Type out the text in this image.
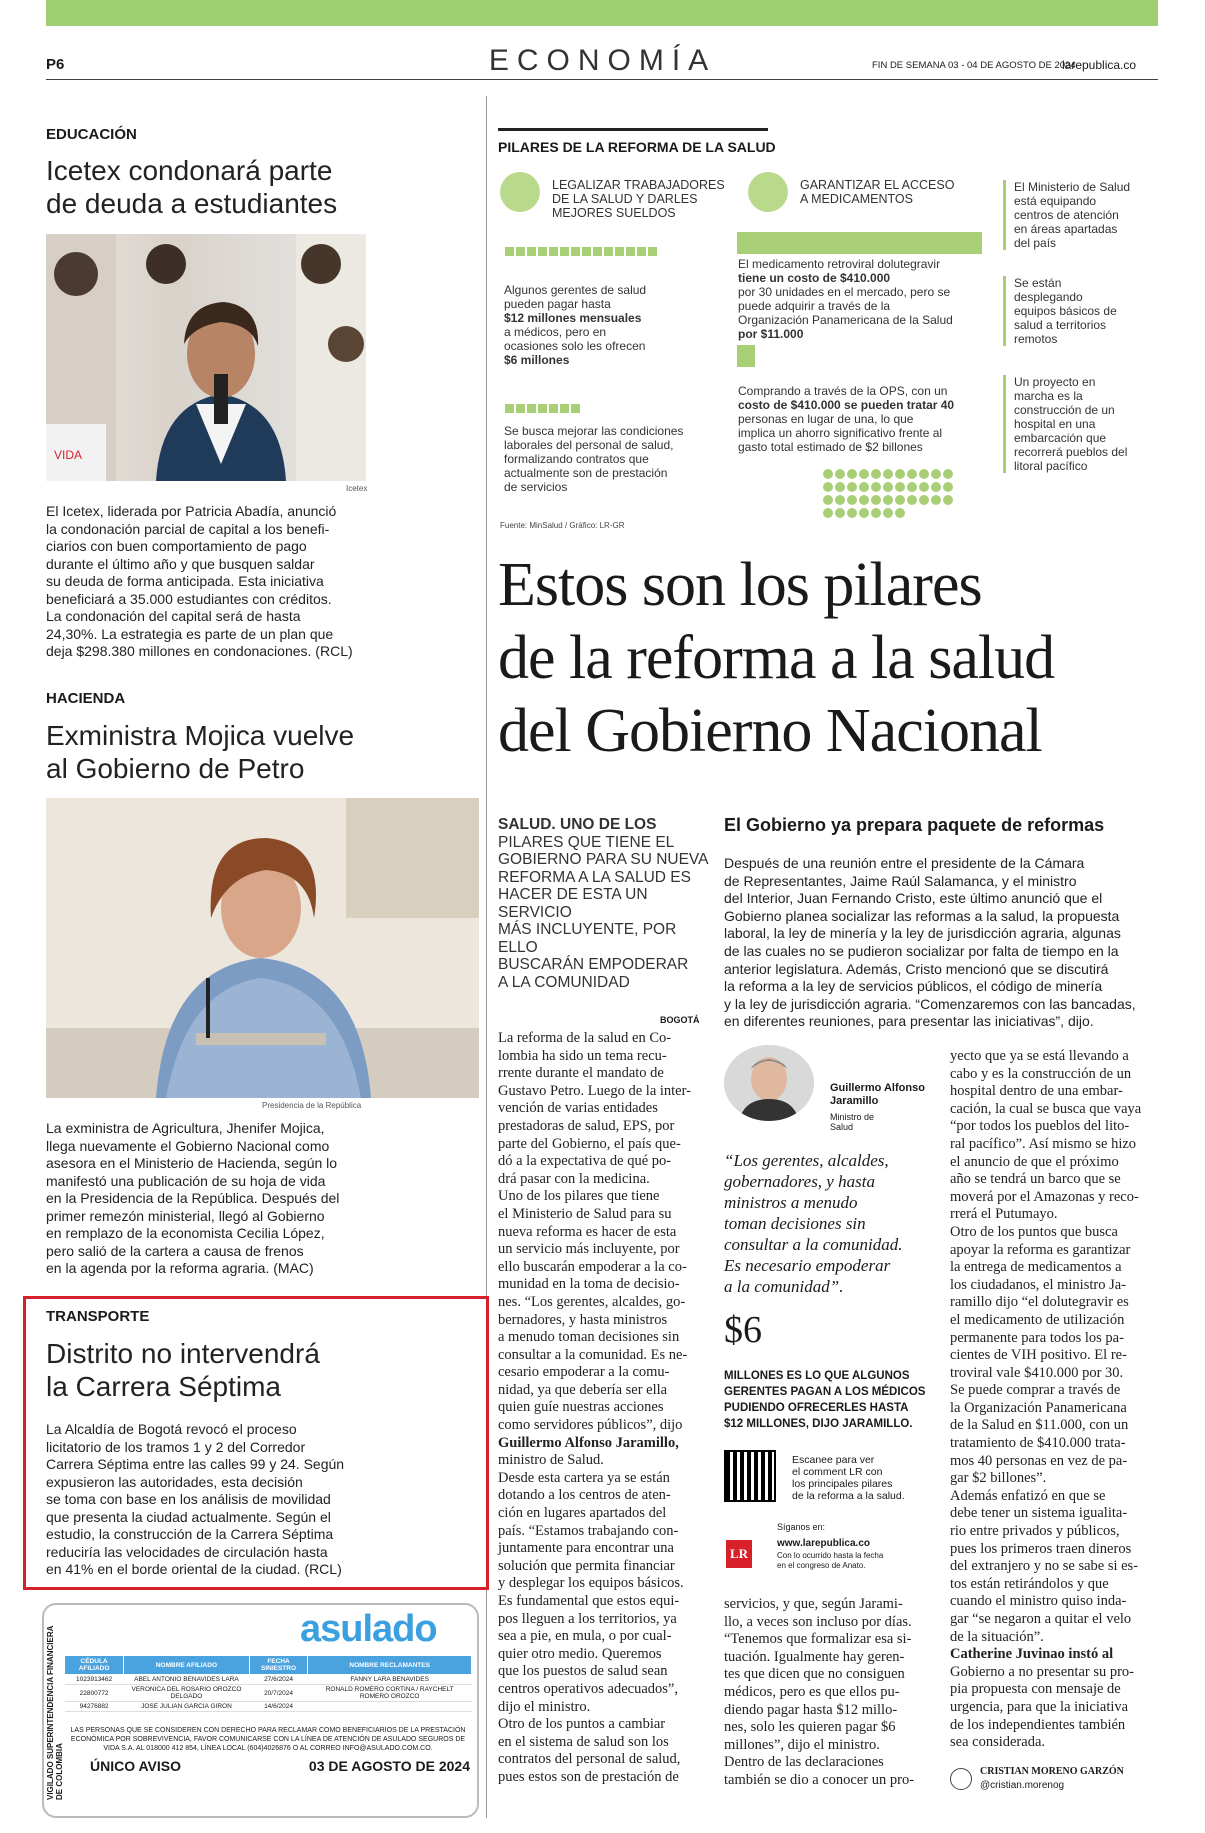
P6	ECONOMÍA	FIN DE SEMANA 03 - 04 DE AGOSTO DE 2024
larepublica.co
EDUCACIÓN
Icetex condonará parte
de deuda a estudiantes
VIDA
Icetex
El Icetex, liderada por Patricia Abadía, anunció
la condonación parcial de capital a los benefi-
ciarios con buen comportamiento de pago
durante el último año y que busquen saldar
su deuda de forma anticipada. Esta iniciativa
beneficiará a 35.000 estudiantes con créditos.
La condonación del capital será de hasta
24,30%. La estrategia es parte de un plan que
deja $298.380 millones en condonaciones. (RCL)
HACIENDA
Exministra Mojica vuelve
al Gobierno de Petro
Presidencia de la República
La exministra de Agricultura, Jhenifer Mojica,
llega nuevamente el Gobierno Nacional como
asesora en el Ministerio de Hacienda, según lo
manifestó una publicación de su hoja de vida
en la Presidencia de la República. Después del
primer remezón ministerial, llegó al Gobierno
en remplazo de la economista Cecilia López,
pero salió de la cartera a causa de frenos
en la agenda por la reforma agraria. (MAC)
TRANSPORTE
Distrito no intervendrá
la Carrera Séptima
La Alcaldía de Bogotá revocó el proceso
licitatorio de los tramos 1 y 2 del Corredor
Carrera Séptima entre las calles 99 y 24. Según
expusieron las autoridades, esta decisión
se toma con base en los análisis de movilidad
que presenta la ciudad actualmente. Según el
estudio, la construcción de la Carrera Séptima
reduciría las velocidades de circulación hasta
en 41% en el borde oriental de la ciudad. (RCL)
VIGILADO SUPERINTENDENCIA FINANCIERA DE COLOMBIA
asulado
CÉDULA AFILIADO	NOMBRE AFILIADO	FECHA SINIESTRO	NOMBRE RECLAMANTES
1023913462	ABEL ANTONIO BENAVIDES LARA	27/6/2024	FANNY LARA BENAVIDES
22800772	VERONICA DEL ROSARIO OROZCO DELGADO	20/7/2024	RONALD ROMERO CORTINA / RAYCHELT ROMERO OROZCO
94276882	JOSE JULIAN GARCIA GIRON	14/6/2024	
LAS PERSONAS QUE SE CONSIDEREN CON DERECHO PARA RECLAMAR COMO BENEFICIARIOS DE LA PRESTACIÓN ECONÓMICA POR SOBREVIVENCIA, FAVOR COMUNICARSE CON LA LÍNEA DE ATENCIÓN DE ASULADO SEGUROS DE VIDA S.A. AL 018000 412 854, LÍNEA LOCAL (604)4026876 O AL CORREO INFO@ASULADO.COM.CO.
ÚNICO AVISO	03 DE AGOSTO DE 2024
PILARES DE LA REFORMA DE LA SALUD
LEGALIZAR TRABAJADORES
DE LA SALUD Y DARLES
MEJORES SUELDOS
Algunos gerentes de salud
pueden pagar hasta
$12 millones mensuales
a médicos, pero en
ocasiones solo les ofrecen
$6 millones
Se busca mejorar las condiciones
laborales del personal de salud,
formalizando contratos que
actualmente son de prestación
de servicios
GARANTIZAR EL ACCESO
A MEDICAMENTOS
El medicamento retroviral dolutegravir
tiene un costo de $410.000
por 30 unidades en el mercado, pero se
puede adquirir a través de la
Organización Panamericana de la Salud
por $11.000
Comprando a través de la OPS, con un
costo de $410.000 se pueden tratar 40
personas en lugar de una, lo que
implica un ahorro significativo frente al
gasto total estimado de $2 billones
El Ministerio de Salud
está equipando
centros de atención
en áreas apartadas
del país
Se están
desplegando
equipos básicos de
salud a territorios
remotos
Un proyecto en
marcha es la
construcción de un
hospital en una
embarcación que
recorrerá pueblos del
litoral pacífico
Fuente: MinSalud / Gráfico: LR-GR
Estos son los pilares
de la reforma a la salud
del Gobierno Nacional
SALUD. UNO DE LOS
PILARES QUE TIENE EL
GOBIERNO PARA SU NUEVA
REFORMA A LA SALUD ES
HACER DE ESTA UN SERVICIO
MÁS INCLUYENTE, POR ELLO
BUSCARÁN EMPODERAR
A LA COMUNIDAD
El Gobierno ya prepara paquete de reformas
Después de una reunión entre el presidente de la Cámara
de Representantes, Jaime Raúl Salamanca, y el ministro
del Interior, Juan Fernando Cristo, este último anunció que el
Gobierno planea socializar las reformas a la salud, la propuesta
laboral, la ley de minería y la ley de jurisdicción agraria, algunas
de las cuales no se pudieron socializar por falta de tiempo en la
anterior legislatura. Además, Cristo mencionó que se discutirá
la reforma a la ley de servicios públicos, el código de minería
y la ley de jurisdicción agraria. “Comenzaremos con las bancadas,
en diferentes reuniones, para presentar las iniciativas”, dijo.
BOGOTÁ
La reforma de la salud en Co-
lombia ha sido un tema recu-
rrente durante el mandato de
Gustavo Petro. Luego de la inter-
vención de varias entidades
prestadoras de salud, EPS, por
parte del Gobierno, el país que-
dó a la expectativa de qué po-
drá pasar con la medicina.
Uno de los pilares que tiene
el Ministerio de Salud para su
nueva reforma es hacer de esta
un servicio más incluyente, por
ello buscarán empoderar a la co-
munidad en la toma de decisio-
nes. “Los gerentes, alcaldes, go-
bernadores, y hasta ministros
a menudo toman decisiones sin
consultar a la comunidad. Es ne-
cesario empoderar a la comu-
nidad, ya que debería ser ella
quien guíe nuestras acciones
como servidores públicos”, dijo
Guillermo Alfonso Jaramillo,
ministro de Salud.
Desde esta cartera ya se están
dotando a los centros de aten-
ción en lugares apartados del
país. “Estamos trabajando con-
juntamente para encontrar una
solución que permita financiar
y desplegar los equipos básicos.
Es fundamental que estos equi-
pos lleguen a los territorios, ya
sea a pie, en mula, o por cual-
quier otro medio. Queremos
que los puestos de salud sean
centros operativos adecuados”,
dijo el ministro.
Otro de los puntos a cambiar
en el sistema de salud son los
contratos del personal de salud,
pues estos son de prestación de
Guillermo Alfonso Jaramillo
Ministro de Salud
“Los gerentes, alcaldes,
gobernadores, y hasta
ministros a menudo
toman decisiones sin
consultar a la comunidad.
Es necesario empoderar
a la comunidad”.
$6
MILLONES ES LO QUE ALGUNOS
GERENTES PAGAN A LOS MÉDICOS
PUDIENDO OFRECERLES HASTA
$12 MILLONES, DIJO JARAMILLO.
Escanee para ver
el comment LR con
los principales pilares
de la reforma a la salud.
Síganos en:
LR
www.larepublica.co
Con lo ocurrido hasta la fecha
en el congreso de Anato.
servicios, y que, según Jarami-
llo, a veces son incluso por días.
“Tenemos que formalizar esa si-
tuación. Igualmente hay geren-
tes que dicen que no consiguen
médicos, pero es que ellos pu-
diendo pagar hasta $12 millo-
nes, solo les quieren pagar $6
millones”, dijo el ministro.
Dentro de las declaraciones
también se dio a conocer un pro-
yecto que ya se está llevando a
cabo y es la construcción de un
hospital dentro de una embar-
cación, la cual se busca que vaya
“por todos los pueblos del lito-
ral pacífico”. Así mismo se hizo
el anuncio de que el próximo
año se tendrá un barco que se
moverá por el Amazonas y reco-
rrerá el Putumayo.
Otro de los puntos que busca
apoyar la reforma es garantizar
la entrega de medicamentos a
los ciudadanos, el ministro Ja-
ramillo dijo “el dolutegravir es
el medicamento de utilización
permanente para todos los pa-
cientes de VIH positivo. El re-
troviral vale $410.000 por 30.
Se puede comprar a través de
la Organización Panamericana
de la Salud en $11.000, con un
tratamiento de $410.000 trata-
mos 40 personas en vez de pa-
gar $2 billones”.
Además enfatizó en que se
debe tener un sistema igualita-
rio entre privados y públicos,
pues los primeros traen dineros
del extranjero y no se sabe si es-
tos están retirándolos y que
cuando el ministro quiso inda-
gar “se negaron a quitar el velo
de la situación”.
Catherine Juvinao instó al
Gobierno a no presentar su pro-
pia propuesta con mensaje de
urgencia, para que la iniciativa
de los independientes también
sea considerada.
CRISTIAN MORENO GARZÓN
@cristian.morenog
